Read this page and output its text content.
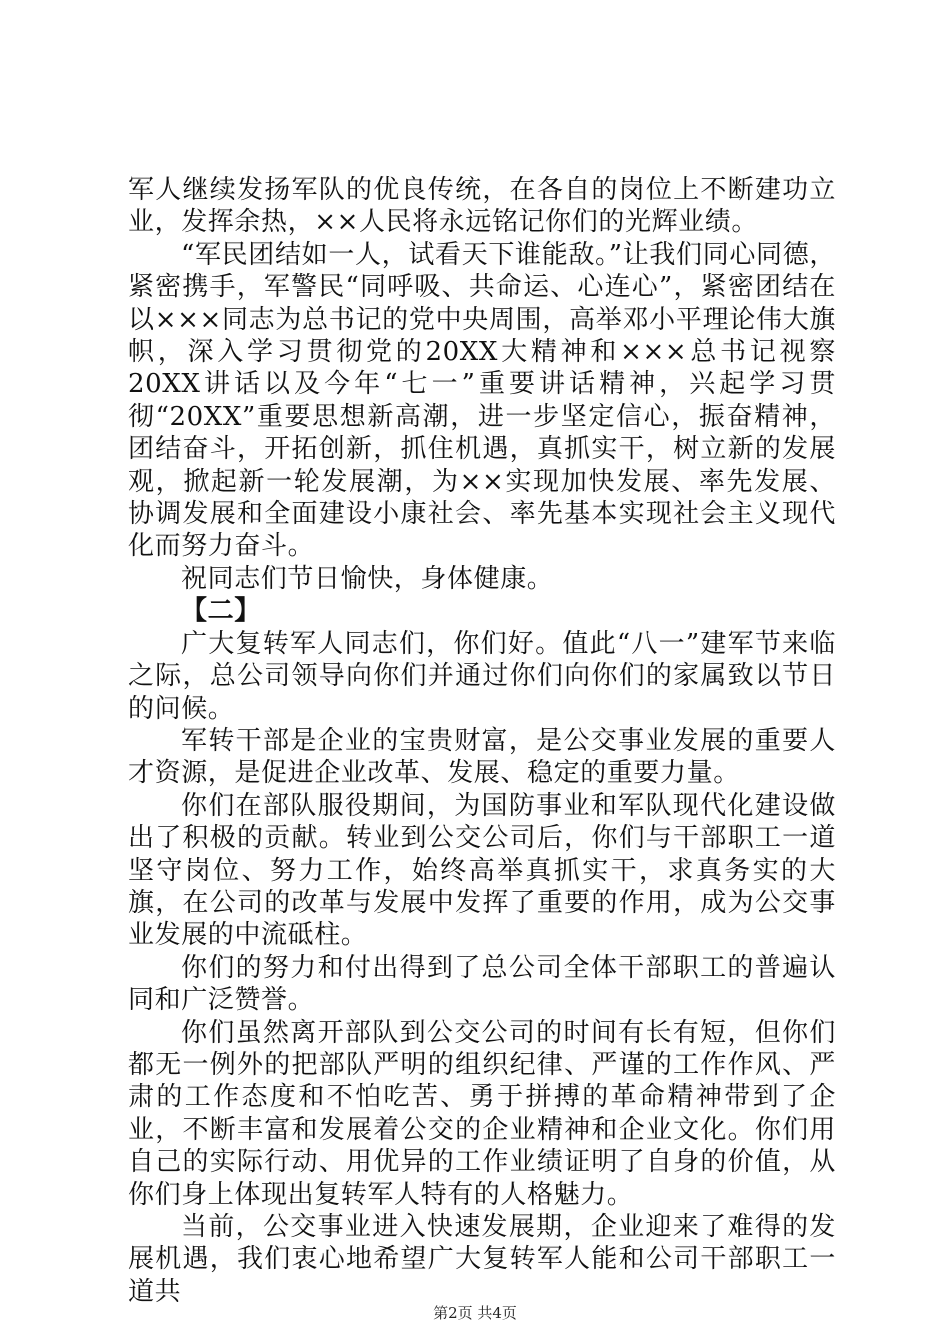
军人继续发扬军队的优良传统，在各自的岗位上不断建功立业，发挥余热，××人民将永远铭记你们的光辉业绩。

“军民团结如一人，试看天下谁能敌。”让我们同心同德，紧密携手，军警民“同呼吸、共命运、心连心”，紧密团结在以×××同志为总书记的党中央周围，高举邓小平理论伟大旗帜，深入学习贯彻党的20XX大精神和×××总书记视察20XX讲话以及今年“七一”重要讲话精神，兴起学习贯彻“20XX”重要思想新高潮，进一步坚定信心，振奋精神，团结奋斗，开拓创新，抓住机遇，真抓实干，树立新的发展观，掀起新一轮发展潮，为××实现加快发展、率先发展、协调发展和全面建设小康社会、率先基本实现社会主义现代化而努力奋斗。

祝同志们节日愉快，身体健康。

【二】

广大复转军人同志们，你们好。值此“八一”建军节来临之际，总公司领导向你们并通过你们向你们的家属致以节日的问候。

军转干部是企业的宝贵财富，是公交事业发展的重要人才资源，是促进企业改革、发展、稳定的重要力量。

你们在部队服役期间，为国防事业和军队现代化建设做出了积极的贡献。转业到公交公司后，你们与干部职工一道坚守岗位、努力工作，始终高举真抓实干，求真务实的大旗，在公司的改革与发展中发挥了重要的作用，成为公交事业发展的中流砥柱。

你们的努力和付出得到了总公司全体干部职工的普遍认同和广泛赞誉。

你们虽然离开部队到公交公司的时间有长有短，但你们都无一例外的把部队严明的组织纪律、严谨的工作作风、严肃的工作态度和不怕吃苦、勇于拼搏的革命精神带到了企业，不断丰富和发展着公交的企业精神和企业文化。你们用自己的实际行动、用优异的工作业绩证明了自身的价值，从你们身上体现出复转军人特有的人格魅力。

当前，公交事业进入快速发展期，企业迎来了难得的发展机遇，我们衷心地希望广大复转军人能和公司干部职工一道共

第2页 共4页
